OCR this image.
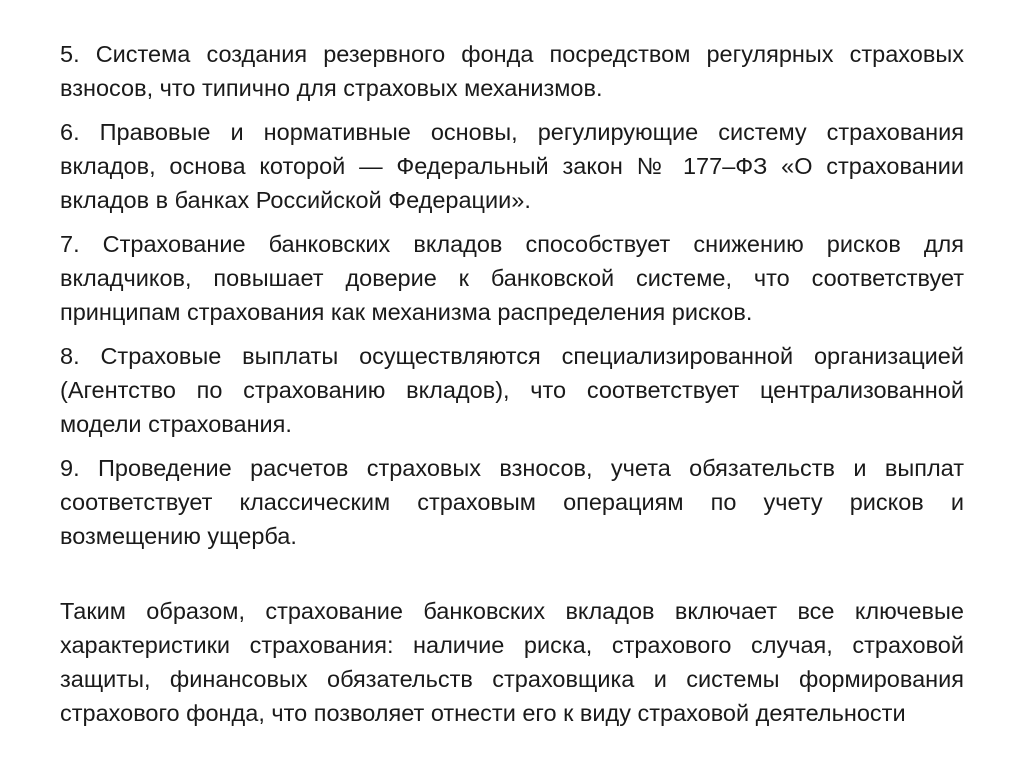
5. Система создания резервного фонда посредством регулярных страховых взносов, что типично для страховых механизмов.

6. Правовые и нормативные основы, регулирующие систему страхования вкладов, основа которой — Федеральный закон № 177–ФЗ «О страховании вкладов в банках Российской Федерации».

7. Страхование банковских вкладов способствует снижению рисков для вкладчиков, повышает доверие к банковской системе, что соответствует принципам страхования как механизма распределения рисков.

8. Страховые выплаты осуществляются специализированной организацией (Агентство по страхованию вкладов), что соответствует централизованной модели страхования.

9. Проведение расчетов страховых взносов, учета обязательств и выплат соответствует классическим страховым операциям по учету рисков и возмещению ущерба.

Таким образом, страхование банковских вкладов включает все ключевые характеристики страхования: наличие риска, страхового случая, страховой защиты, финансовых обязательств страховщика и системы формирования страхового фонда, что позволяет отнести его к виду страховой деятельности
